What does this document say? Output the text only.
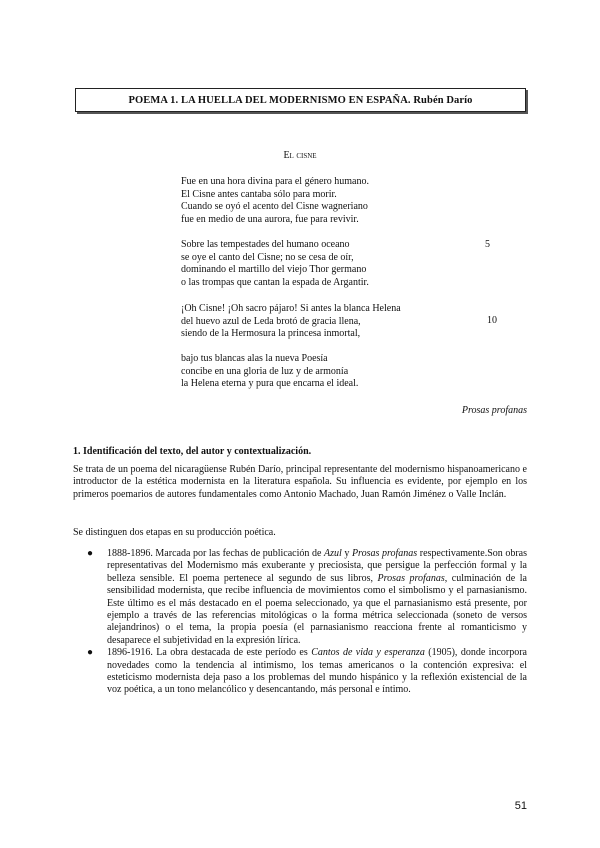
POEMA 1. LA HUELLA DEL MODERNISMO EN ESPAÑA. Rubén Darío
El cisne
Fue en una hora divina para el género humano.
El Cisne antes cantaba sólo para morir.
Cuando se oyó el acento del Cisne wagneriano
fue en medio de una aurora, fue para revivir.
Sobre las tempestades del humano oceano
se oye el canto del Cisne; no se cesa de oír,
dominando el martillo del viejo Thor germano
o las trompas que cantan la espada de Argantir.
5
¡Oh Cisne! ¡Oh sacro pájaro! Si antes la blanca Helena
del huevo azul de Leda brotó de gracia llena,
siendo de la Hermosura la princesa inmortal,
10
bajo tus blancas alas la nueva Poesía
concibe en una gloria de luz y de armonía
la Helena eterna y pura que encarna el ideal.
Prosas profanas
1. Identificación del texto, del autor y contextualización.
Se trata de un poema del nicaragüense Rubén Darío, principal representante del modernismo hispanoamericano e introductor de la estética modernista en la literatura española. Su influencia es evidente, por ejemplo en los primeros poemarios de autores fundamentales como Antonio Machado, Juan Ramón Jiménez o Valle Inclán.
Se distinguen dos etapas en su producción poética.
● 1888-1896. Marcada por las fechas de publicación de Azul y Prosas profanas respectivamente.Son obras representativas del Modernismo más exuberante y preciosista, que persigue la perfección formal y la belleza sensible. El poema pertenece al segundo de sus libros, Prosas profanas, culminación de la sensibilidad modernista, que recibe influencia de movimientos como el simbolismo y el parnasianismo. Este último es el más destacado en el poema seleccionado, ya que el parnasianismo está presente, por ejemplo a través de las referencias mitológicas o la forma métrica seleccionada (soneto de versos alejandrinos) o el tema, la propia poesía (el parnasianismo reacciona frente al romanticismo y desaparece el subjetividad en la expresión lírica.
● 1896-1916. La obra destacada de este período es Cantos de vida y esperanza (1905), donde incorpora novedades como la tendencia al intimismo, los temas americanos o la contención expresiva: el esteticismo modernista deja paso a los problemas del mundo hispánico y la reflexión existencial de la voz poética, a un tono melancólico y desencantando, más personal e íntimo.
51
